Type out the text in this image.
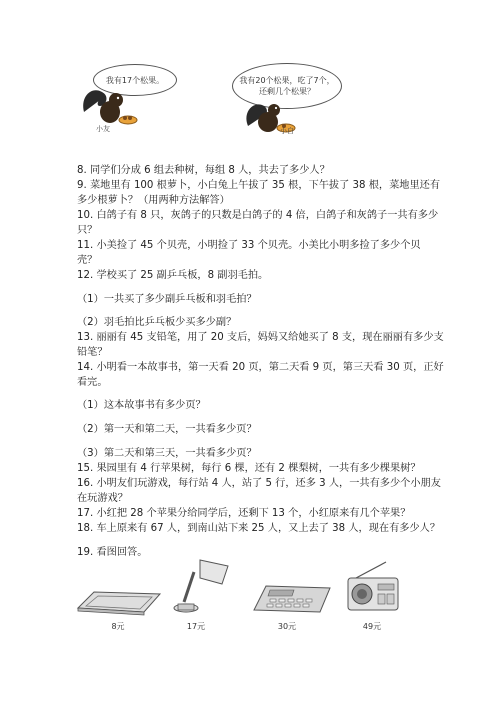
我有17个松果。	我有20个松果，吃了7个，
还剩几个松果？
小友	小白
8. 同学们分成 6 组去种树，每组 8 人，共去了多少人？
9. 菜地里有 100 根萝卜，小白兔上午拔了 35 根，下午拔了 38 根，菜地里还有
多少根萝卜？（用两种方法解答）
10. 白鸽子有 8 只，灰鸽子的只数是白鸽子的 4 倍，白鸽子和灰鸽子一共有多少
只？
11. 小美捡了 45 个贝壳，小明捡了 33 个贝壳。小美比小明多捡了多少个贝
壳？
12. 学校买了 25 副乒乓板，8 副羽毛拍。
（1）一共买了多少副乒乓板和羽毛拍？
（2）羽毛拍比乒乓板少买多少副？
13. 丽丽有 45 支铅笔，用了 20 支后，妈妈又给她买了 8 支，现在丽丽有多少支
铅笔？
14. 小明看一本故事书，第一天看 20 页，第二天看 9 页，第三天看 30 页，正好
看完。
（1）这本故事书有多少页？
（2）第一天和第二天，一共看多少页？
（3）第二天和第三天，一共看多少页？
15. 果园里有 4 行苹果树，每行 6 棵，还有 2 棵梨树，一共有多少棵果树？
16. 小明友们玩游戏，每行站 4 人，站了 5 行，还多 3 人，一共有多少个小朋友
在玩游戏？
17. 小红把 28 个苹果分给同学后，还剩下 13 个，小红原来有几个苹果？
18. 车上原来有 67 人，到南山站下来 25 人，又上去了 38 人，现在有多少人？
19. 看图回答。
8元	17元	30元	49元
